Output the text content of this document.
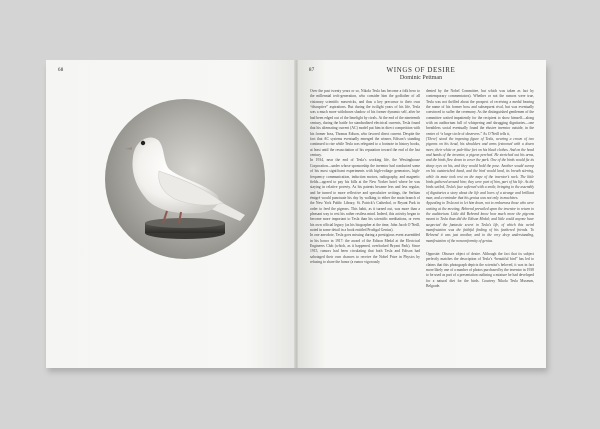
68	87	WINGS OF DESIRE
Dominic Pettman

Over the past twenty years or so, Nikola Tesla has become a folk hero to the millennial tech-generation, who consider him the godfather of all visionary scientific mavericks, and thus a key precursor to their own “disruptive” aspirations. But during the twilight years of his life, Tesla was a much more withdrawn shadow of his former dynamic self, after he had been edged out of the limelight by rivals. At the end of the nineteenth century, during the battle for standardized electrical currents, Tesla found that his alternating current (AC) model put him in direct competition with his former boss, Thomas Edison, who favored direct current. Despite the fact that AC systems eventually emerged the winner, Edison’s standing continued to rise while Tesla was relegated to a footnote in history books, at least until the resuscitation of his reputation toward the end of the last century.

In 1934, near the end of Tesla’s working life, the Westinghouse Corporation—under whose sponsorship the inventor had conducted some of his most significant experiments with high-voltage generators, high-frequency communication, induction motors, radiography, and magnetic fields—agreed to pay his bills at the New Yorker hotel where he was staying in relative poverty. As his patents became less and less regular, and he turned to more reflective and speculative writings, the Serbian émigré would punctuate his day by walking to either the main branch of the New York Public Library, St. Patrick’s Cathedral, or Bryant Park in order to feed the pigeons. This habit, as it turned out, was more than a pleasant way to rest his rather restless mind. Indeed, this activity began to become more important to Tesla than his scientific meditations, or even his own official legacy (as his biographer at the time, John Jacob O’Neill, noted in some detail in a book entitled Prodigal Genius).

In one anecdote, Tesla goes missing during a prestigious event assembled in his honor in 1917: the award of the Edison Medal at the Electrical Engineers Club (which, as it happened, overlooked Bryant Park). Since 1915, rumors had been circulating that both Tesla and Edison had sabotaged their own chances to receive the Nobel Prize in Physics by refusing to share the honor (a rumor vigorously

denied by the Nobel Committee, but which was taken as fact by contemporary commentators). Whether or not the rumors were true, Tesla was not thrilled about the prospect of receiving a medal bearing the name of his former boss and subsequent rival, but was eventually convinced to suffer the ceremony. As the distinguished gentlemen of the committee waited impatiently for the recipient to show himself—along with an auditorium full of whispering and shrugging dignitaries—one breathless social eventually found the elusive inventor outside, in the center of “a large circle of observers.” As O’Neill tells it,

[There] stood the imposing figure of Tesla, wearing a crown of two pigeons on his head, his shoulders and arms festooned with a dozen more, their white or pale-blue feet on his black clothes. And on the head and hands of the inventor, a pigeon perched. He stretched out his arms, and the birds flew down to cover the park. One of the birds would fix its sharp eyes on his, and they would hold the pose. Another would swoop on his outstretched hand, and the bird would land, its breath stirring, while its mate took rest on the nape of the inventor’s neck. The little birds gathered around him; they were part of him, part of his life. As the birds settled, Tesla’s face softened with a smile, bringing to the assembly of dignitaries a story about the life and loves of a strange and brilliant man, and a reminder that his genius was not only in machines.

Appealing to Tesla not to let him down, not to embarrass those who were waiting at the meeting, Behrend prevailed upon the inventor to return to the auditorium. Little did Behrend know how much more the pigeons meant to Tesla than did the Edison Medal; and little could anyone have suspected the fantastic secret in Tesla’s life, of which this weird manifestation was the faithful finding of his feathered friends. To Behrend it was just another, and to the very deep understanding, manifestation of the nonconformity of genius.

Opposite: Obscure object of desire. Although the fact that its subject perfectly matches the description of Tesla’s “beautiful bird” has led to claims that this photograph depicts the scientist’s beloved, it was in fact more likely one of a number of photos purchased by the inventor in 1938 to be used as part of a presentation outlining a mixture he had developed for a natural diet for the birds. Courtesy Nikola Tesla Museum, Belgrade.
